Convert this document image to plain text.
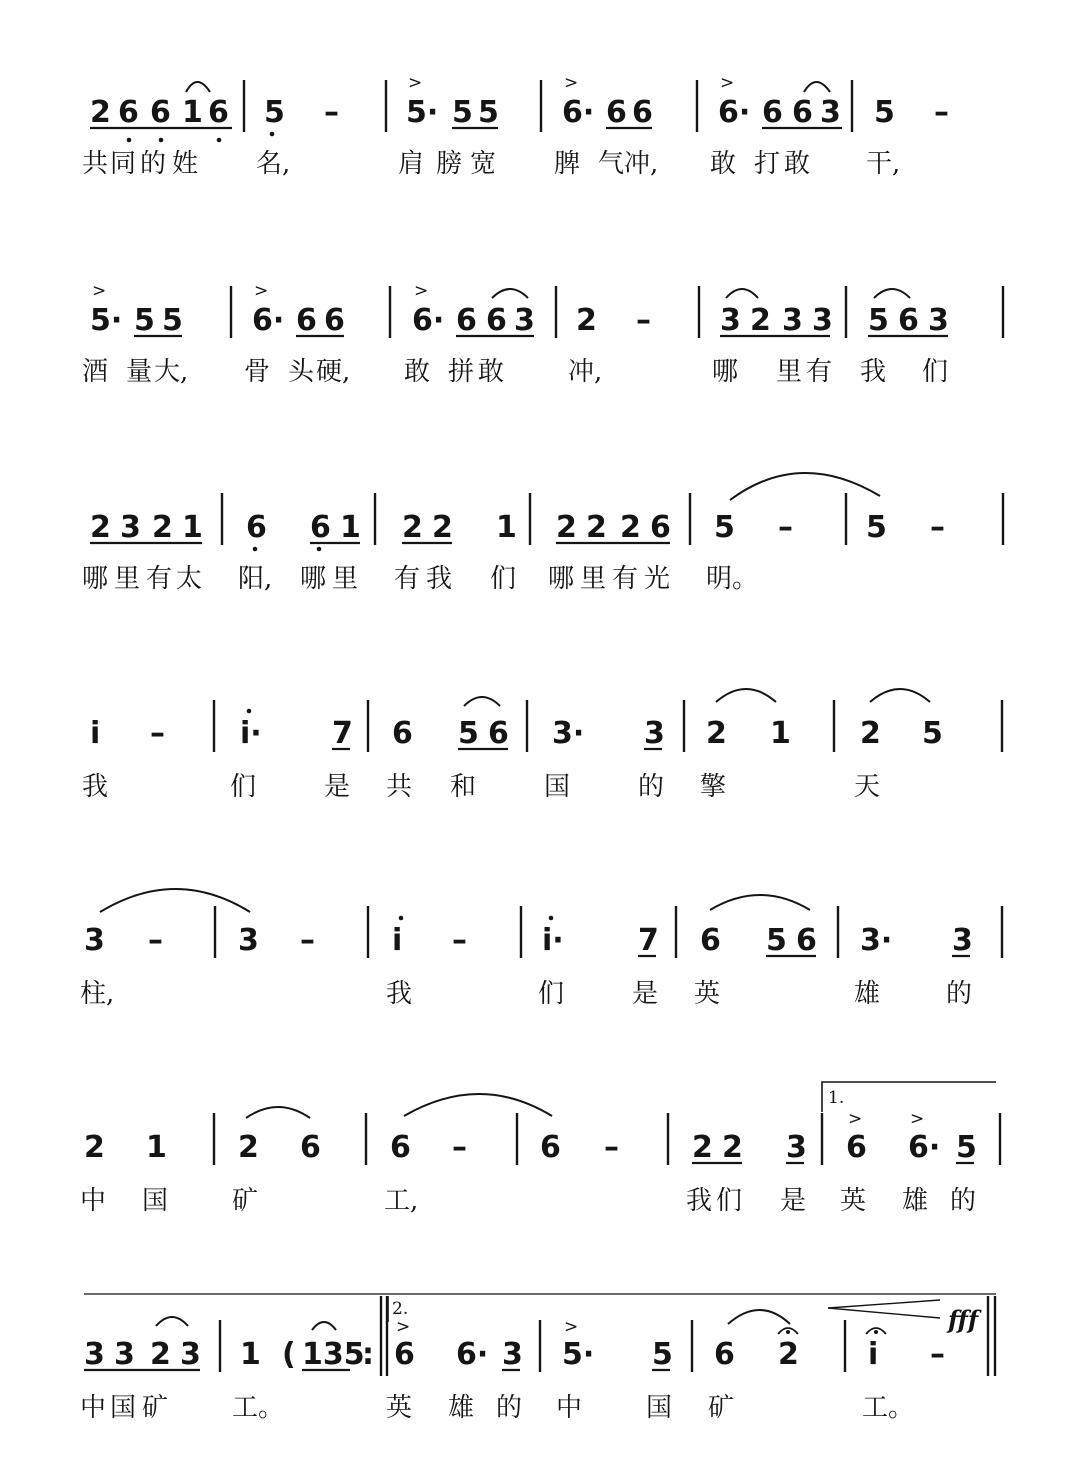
2 6 6 1 6 5 – 5· 5 5 6· 6 6 6· 6 6 3 5 –
>	>	>
共 同 的 姓 名,	肩 膀 宽 脾 气 冲, 敢 打 敢 干,
5· 5 5 6· 6 6 6· 6 6 3 2 – 3 2 3 3 5 6 3
>	>	>
酒 量 大, 骨 头 硬, 敢 拼 敢 冲,	哪 里 有 我 们
2 3 2 1 6 6 1 2 2 1 2 2 2 6 5 – 5 –
哪 里 有 太 阳, 哪 里 有 我 们 哪 里 有 光 明。
i –	i· 7 6 5 6 3· 3 2 1 2 5
我	们	是 共 和	国	的 擎	天
3 –	3 –	i –	i· 7 6 5 6 3· 3
柱,	我	们	是 英	雄	的
1.
2 1 2 6 6 – 6 – 2 2 3 6 6· 5
>	>
中 国 矿	工,	我 们 是 英 雄 的
2.	fff
3 3 2 3 1 ( 135
: 6 6· 3 5· 5 6 2 i –
>	>
中 国 矿 工。	英 雄 的 中 国 矿	工。
